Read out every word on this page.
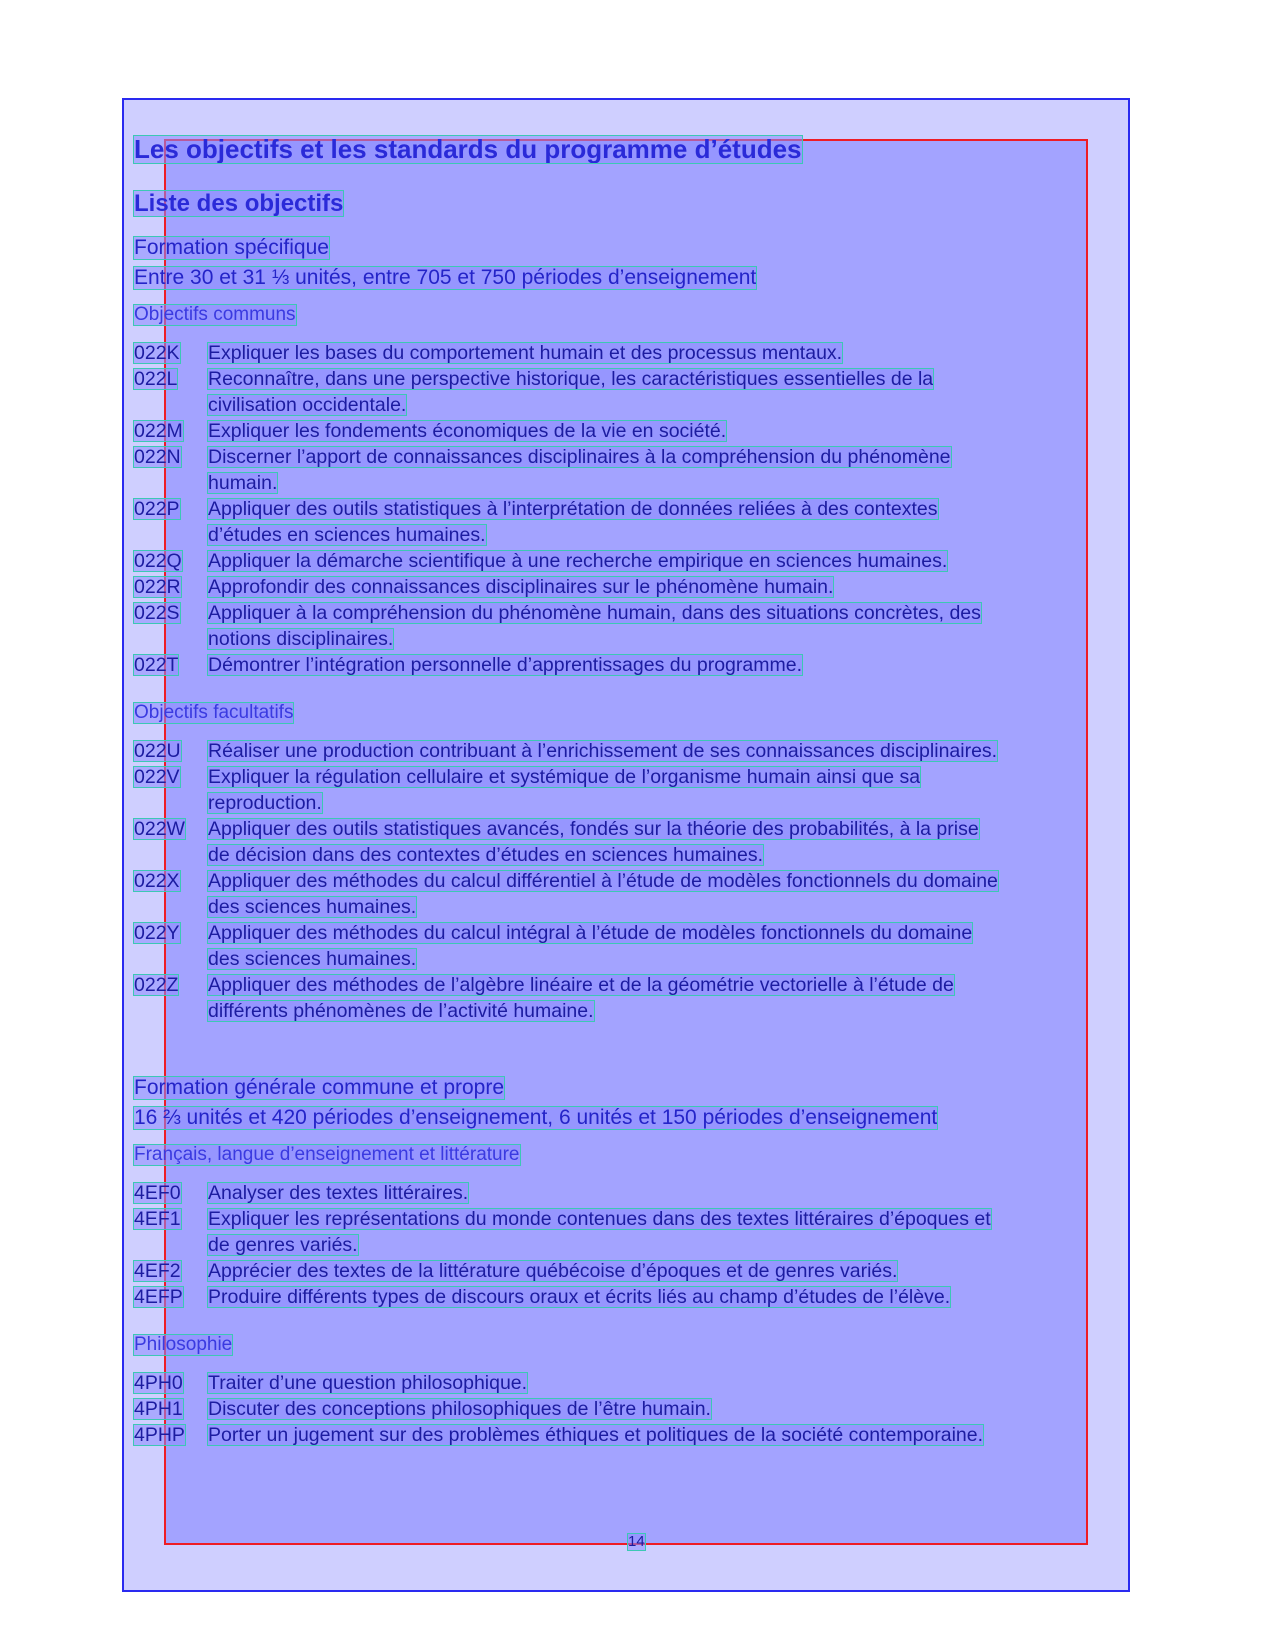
Les objectifs et les standards du programme d’études
Liste des objectifs
Formation spécifique
Entre 30 et 31 ⅓ unités, entre 705 et 750 périodes d’enseignement
Objectifs communs
022K	Expliquer les bases du comportement humain et des processus mentaux.
022L	Reconnaître, dans une perspective historique, les caractéristiques essentielles de la
civilisation occidentale.
022M	Expliquer les fondements économiques de la vie en société.
022N	Discerner l’apport de connaissances disciplinaires à la compréhension du phénomène
humain.
022P	Appliquer des outils statistiques à l’interprétation de données reliées à des contextes
d’études en sciences humaines.
022Q	Appliquer la démarche scientifique à une recherche empirique en sciences humaines.
022R	Approfondir des connaissances disciplinaires sur le phénomène humain.
022S	Appliquer à la compréhension du phénomène humain, dans des situations concrètes, des
notions disciplinaires.
022T	Démontrer l’intégration personnelle d’apprentissages du programme.
Objectifs facultatifs
022U	Réaliser une production contribuant à l’enrichissement de ses connaissances disciplinaires.
022V	Expliquer la régulation cellulaire et systémique de l’organisme humain ainsi que sa
reproduction.
022W	Appliquer des outils statistiques avancés, fondés sur la théorie des probabilités, à la prise
de décision dans des contextes d’études en sciences humaines.
022X	Appliquer des méthodes du calcul différentiel à l’étude de modèles fonctionnels du domaine
des sciences humaines.
022Y	Appliquer des méthodes du calcul intégral à l’étude de modèles fonctionnels du domaine
des sciences humaines.
022Z	Appliquer des méthodes de l’algèbre linéaire et de la géométrie vectorielle à l’étude de
différents phénomènes de l’activité humaine.
Formation générale commune et propre
16 ⅔ unités et 420 périodes d’enseignement, 6 unités et 150 périodes d’enseignement
Français, langue d’enseignement et littérature
4EF0	Analyser des textes littéraires.
4EF1	Expliquer les représentations du monde contenues dans des textes littéraires d’époques et
de genres variés.
4EF2	Apprécier des textes de la littérature québécoise d’époques et de genres variés.
4EFP	Produire différents types de discours oraux et écrits liés au champ d’études de l’élève.
Philosophie
4PH0	Traiter d’une question philosophique.
4PH1	Discuter des conceptions philosophiques de l’être humain.
4PHP	Porter un jugement sur des problèmes éthiques et politiques de la société contemporaine.
14
